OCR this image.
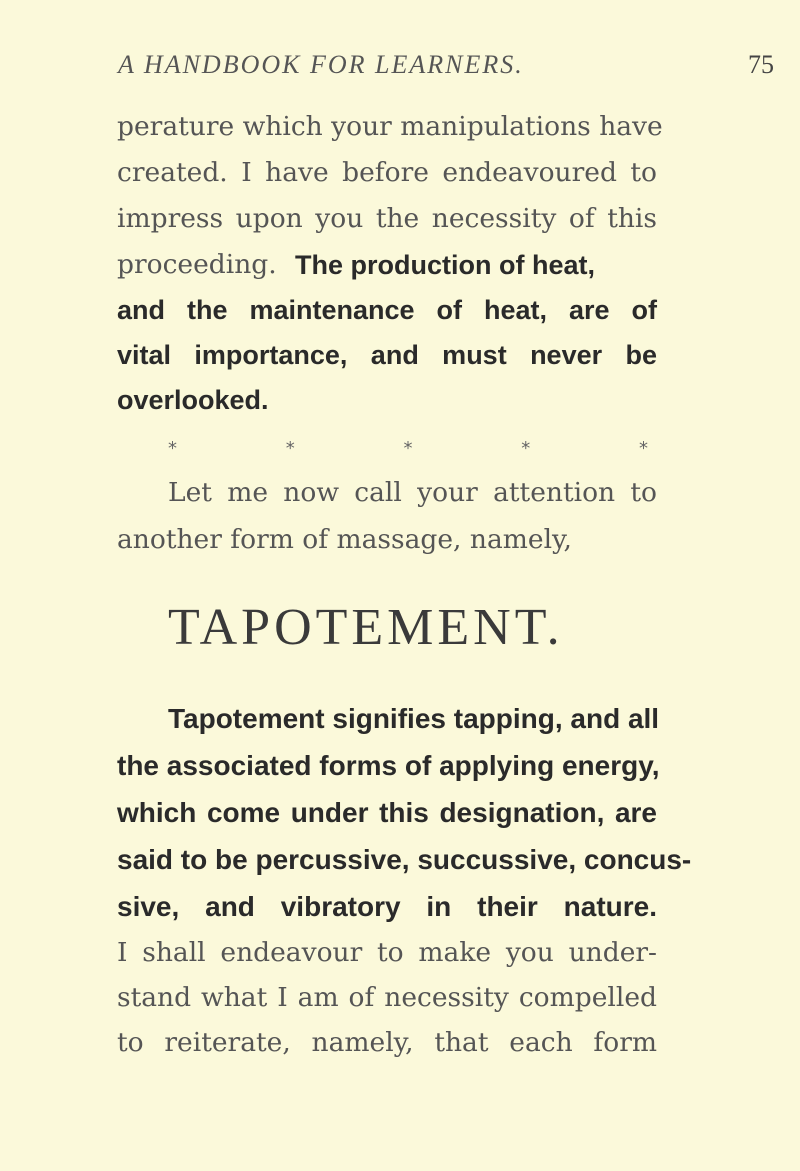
A HANDBOOK FOR LEARNERS.	75
perature which your manipulations have
created. I have before endeavoured to
impress upon you the necessity of this
proceeding. The production of heat,
and the maintenance of heat, are of
vital importance, and must never be
overlooked.
*	*	*	*	*
Let me now call your attention to
another form of massage, namely,
TAPOTEMENT.
Tapotement signifies tapping, and all
the associated forms of applying energy,
which come under this designation, are
said to be percussive, succussive, concus-
sive, and vibratory in their nature.
I shall endeavour to make you under-
stand what I am of necessity compelled
to reiterate, namely, that each form
